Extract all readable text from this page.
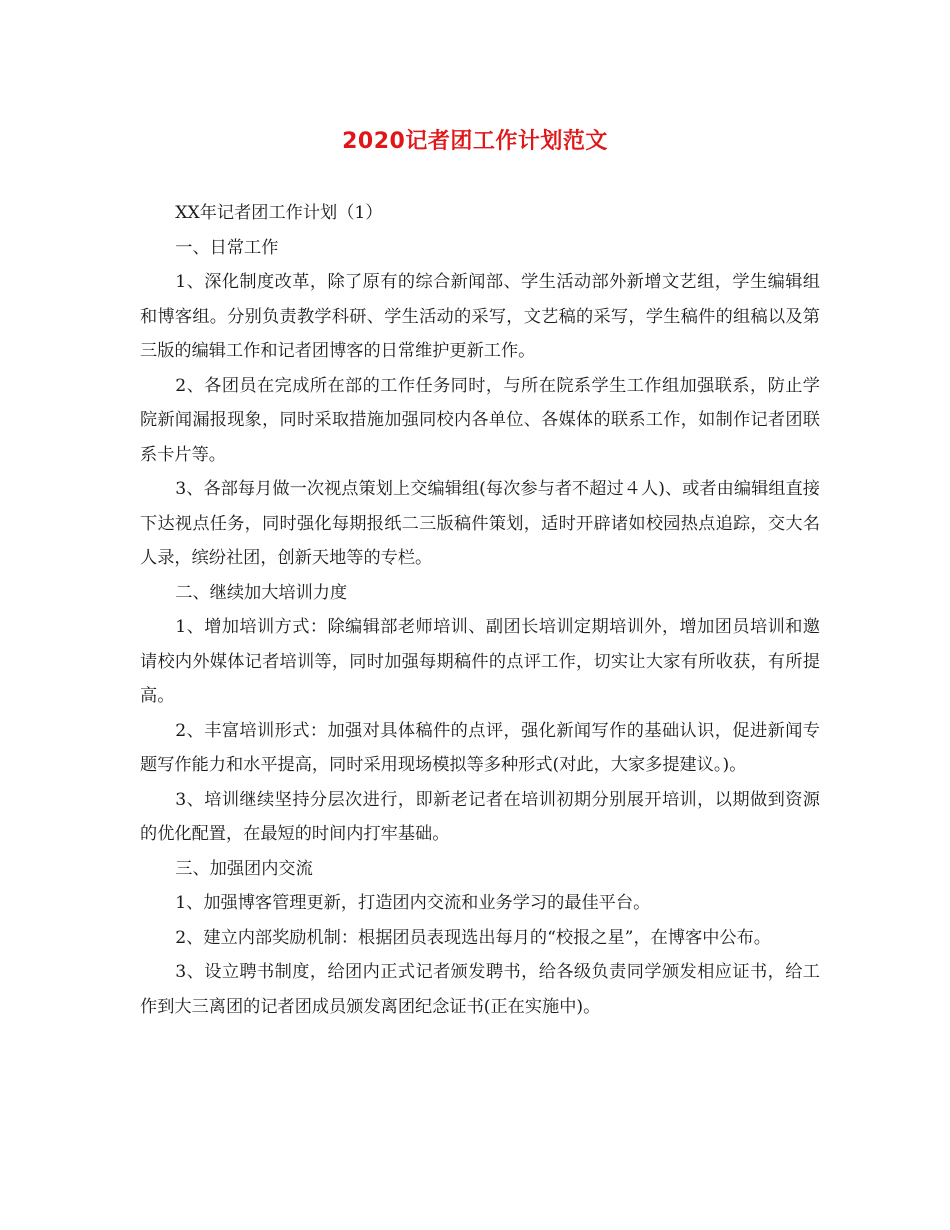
2020记者团工作计划范文

XX年记者团工作计划（1）

一、日常工作

1、深化制度改革，除了原有的综合新闻部、学生活动部外新增文艺组，学生编辑组和博客组。分别负责教学科研、学生活动的采写，文艺稿的采写，学生稿件的组稿以及第三版的编辑工作和记者团博客的日常维护更新工作。

2、各团员在完成所在部的工作任务同时，与所在院系学生工作组加强联系，防止学院新闻漏报现象，同时采取措施加强同校内各单位、各媒体的联系工作，如制作记者团联系卡片等。

3、各部每月做一次视点策划上交编辑组(每次参与者不超过４人)、或者由编辑组直接下达视点任务，同时强化每期报纸二三版稿件策划，适时开辟诸如校园热点追踪，交大名人录，缤纷社团，创新天地等的专栏。

二、继续加大培训力度

1、增加培训方式：除编辑部老师培训、副团长培训定期培训外，增加团员培训和邀请校内外媒体记者培训等，同时加强每期稿件的点评工作，切实让大家有所收获，有所提高。

2、丰富培训形式：加强对具体稿件的点评，强化新闻写作的基础认识，促进新闻专题写作能力和水平提高，同时采用现场模拟等多种形式(对此，大家多提建议。)。

3、培训继续坚持分层次进行，即新老记者在培训初期分别展开培训，以期做到资源的优化配置，在最短的时间内打牢基础。

三、加强团内交流

1、加强博客管理更新，打造团内交流和业务学习的最佳平台。

2、建立内部奖励机制：根据团员表现选出每月的“校报之星”，在博客中公布。

3、设立聘书制度，给团内正式记者颁发聘书，给各级负责同学颁发相应证书，给工作到大三离团的记者团成员颁发离团纪念证书(正在实施中)。
